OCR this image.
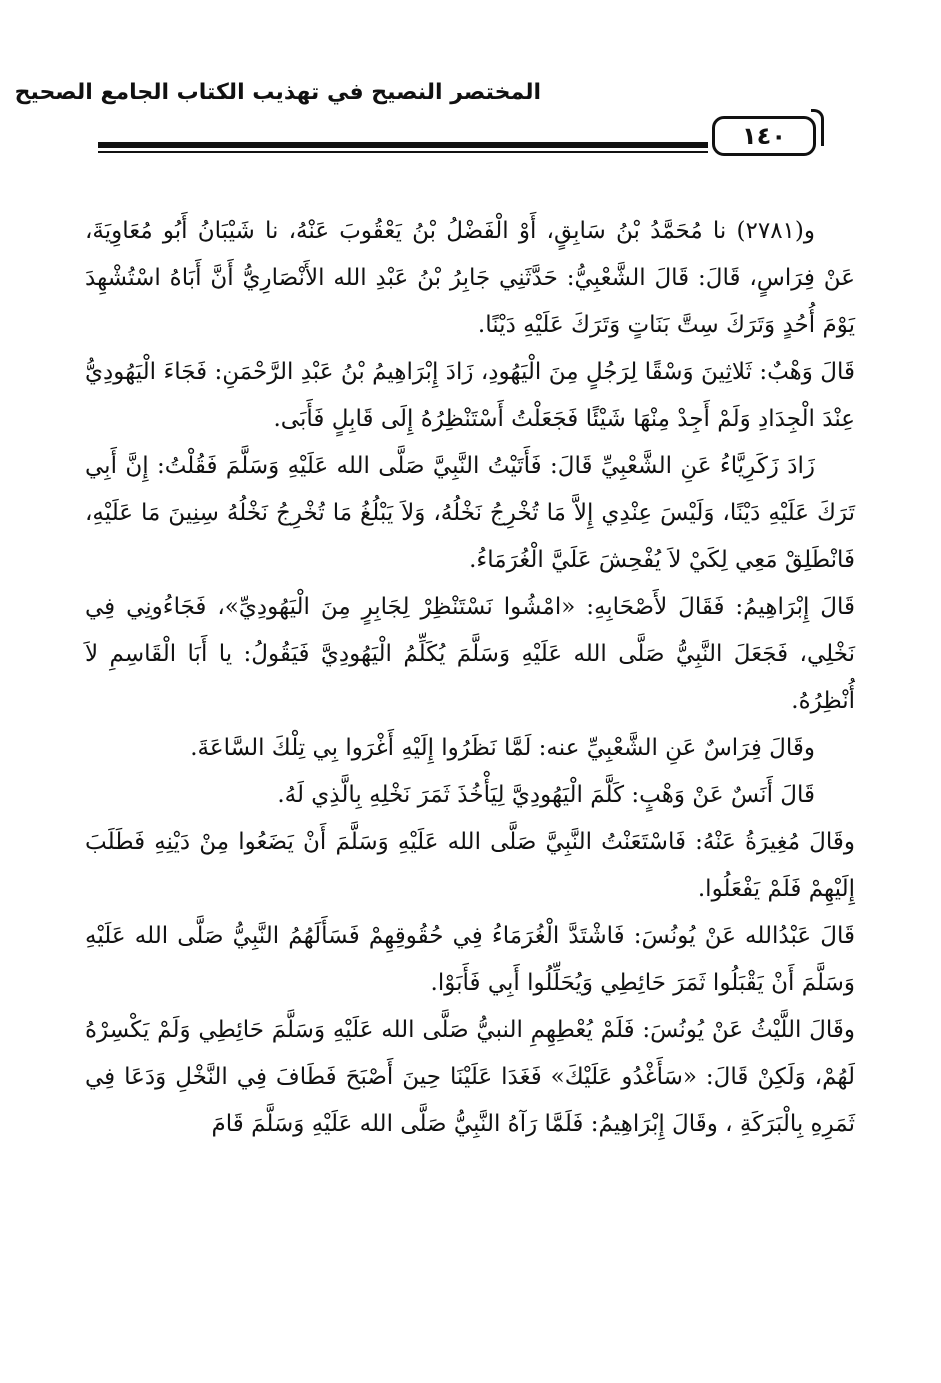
المختصر النصيح في تهذيب الكتاب الجامع الصحيح
١٤٠

و(٢٧٨١) نا مُحَمَّدُ بْنُ سَابِقٍ، أَوْ الْفَضْلُ بْنُ يَعْقُوبَ عَنْهُ، نا شَيْبَانُ أَبُو مُعَاوِيَةَ، عَنْ فِرَاسٍ، قَالَ: قَالَ الشَّعْبِيُّ: حَدَّثَنِي جَابِرُ بْنُ عَبْدِ الله الأَنْصَارِيُّ أَنَّ أَبَاهُ اسْتُشْهِدَ يَوْمَ أُحُدٍ وَتَرَكَ سِتَّ بَنَاتٍ وَتَرَكَ عَلَيْهِ دَيْنًا.

قَالَ وَهْبٌ: ثَلاثِينَ وَسْقًا لِرَجُلٍ مِنَ الْيَهُودِ، زَادَ إِبْرَاهِيمُ بْنُ عَبْدِ الرَّحْمَنِ: فَجَاءَ الْيَهُودِيُّ عِنْدَ الْجِدَادِ وَلَمْ أَجِدْ مِنْهَا شَيْئًا فَجَعَلْتُ أَسْتَنْظِرُهُ إِلَى قَابِلٍ فَأَبَى.

زَادَ زَكَرِيَّاءُ عَنِ الشَّعْبِيِّ قَالَ: فَأَتَيْتُ النَّبِيَّ صَلَّى الله عَلَيْهِ وَسَلَّمَ فَقُلْتُ: إِنَّ أَبِي تَرَكَ عَلَيْهِ دَيْنًا، وَلَيْسَ عِنْدِي إِلاَّ مَا تُخْرِجُ نَخْلُهُ، وَلاَ يَبْلُغُ مَا تُخْرِجُ نَخْلُهُ سِنِينَ مَا عَلَيْهِ، فَانْطَلِقْ مَعِي لِكَيْ لاَ يُفْحِشَ عَلَيَّ الْغُرَمَاءُ.

قَالَ إِبْرَاهِيمُ: فَقَالَ لأَصْحَابِهِ: «امْشُوا نَسْتَنْظِرْ لِجَابِرٍ مِنَ الْيَهُودِيِّ»، فَجَاءُونِي فِي نَخْلِي، فَجَعَلَ النَّبِيُّ صَلَّى الله عَلَيْهِ وَسَلَّمَ يُكَلِّمُ الْيَهُودِيَّ فَيَقُولُ: يا أَبَا الْقَاسِمِ لاَ أُنْظِرُهُ.

وقَالَ فِرَاسٌ عَنِ الشَّعْبِيِّ عنه: لَمَّا نَظَرُوا إِلَيْهِ أَغْرَوا بِي تِلْكَ السَّاعَةَ.

قَالَ أَنَسٌ عَنْ وَهْبٍ: كَلَّمَ الْيَهُودِيَّ لِيَأْخُذَ ثَمَرَ نَخْلِهِ بِالَّذِي لَهُ.

وقَالَ مُغِيرَةُ عَنْهُ: فَاسْتَعَنْتُ النَّبِيَّ صَلَّى الله عَلَيْهِ وَسَلَّمَ أَنْ يَضَعُوا مِنْ دَيْنِهِ فَطَلَبَ إِلَيْهِمْ فَلَمْ يَفْعَلُوا.

قَالَ عَبْدُالله عَنْ يُونُسَ: فَاشْتَدَّ الْغُرَمَاءُ فِي حُقُوقِهِمْ فَسَأَلَهُمُ النَّبِيُّ صَلَّى الله عَلَيْهِ وَسَلَّمَ أَنْ يَقْبَلُوا ثَمَرَ حَائِطِي وَيُحَلِّلُوا أَبِي فَأَبَوْا.

وقَالَ اللَّيْثُ عَنْ يُونُسَ: فَلَمْ يُعْطِهِمِ النبيُّ صَلَّى الله عَلَيْهِ وَسَلَّمَ حَائِطِي وَلَمْ يَكْسِرْهُ لَهُمْ، وَلَكِنْ قَالَ: «سَأَغْدُو عَلَيْكَ» فَغَدَا عَلَيْنَا حِينَ أَصْبَحَ فَطَافَ فِي النَّخْلِ وَدَعَا فِي ثَمَرِهِ بِالْبَرَكَةِ ، وقَالَ إِبْرَاهِيمُ: فَلَمَّا رَآهُ النَّبِيُّ صَلَّى الله عَلَيْهِ وَسَلَّمَ قَامَ
